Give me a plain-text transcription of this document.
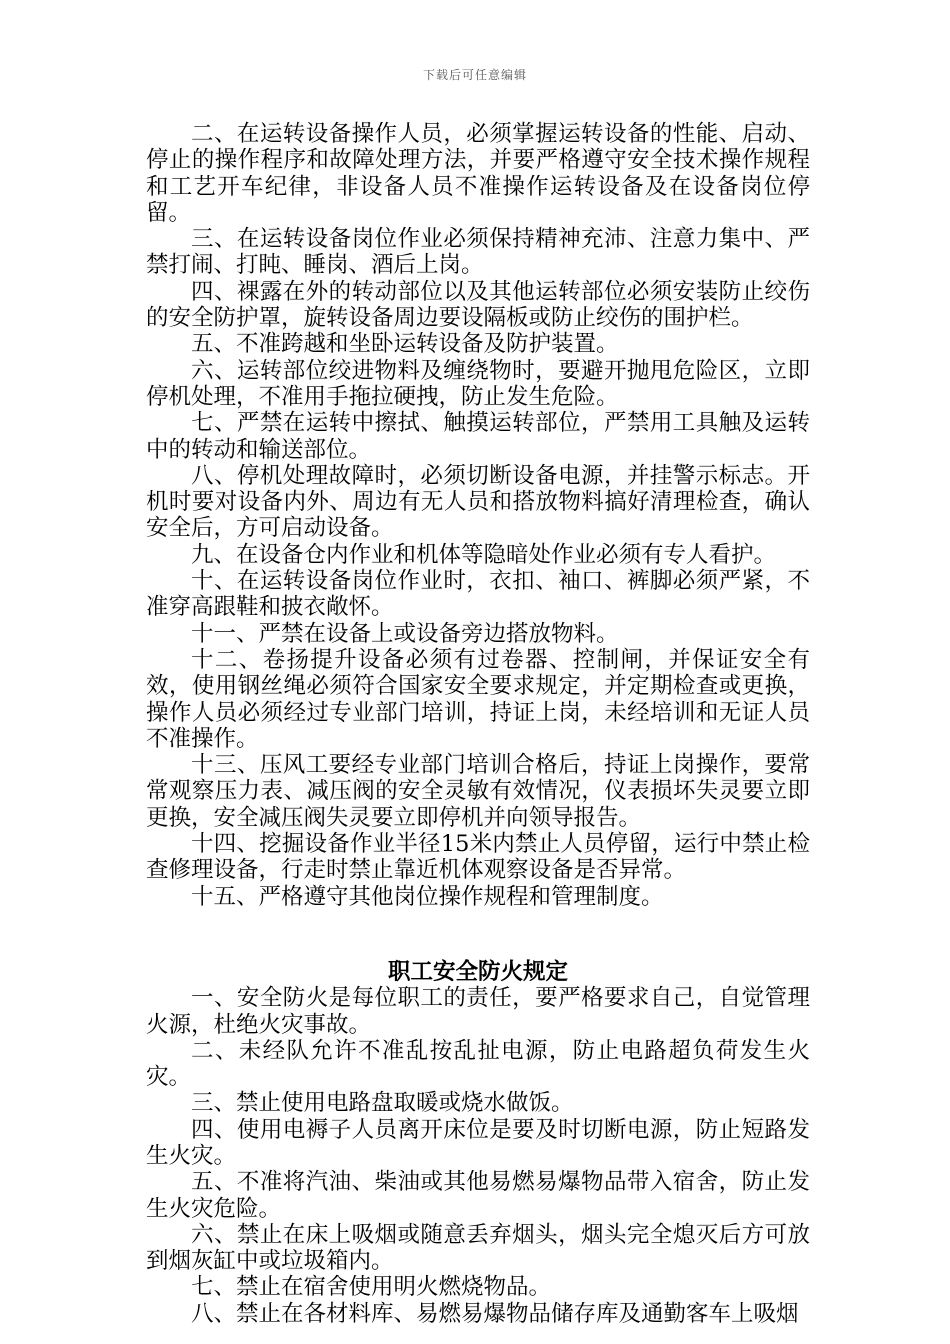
下载后可任意编辑

二、在运转设备操作人员，必须掌握运转设备的性能、启动、停止的操作程序和故障处理方法，并要严格遵守安全技术操作规程和工艺开车纪律，非设备人员不准操作运转设备及在设备岗位停留。

三、在运转设备岗位作业必须保持精神充沛、注意力集中、严禁打闹、打盹、睡岗、酒后上岗。

四、裸露在外的转动部位以及其他运转部位必须安装防止绞伤的安全防护罩，旋转设备周边要设隔板或防止绞伤的围护栏。

五、不准跨越和坐卧运转设备及防护装置。

六、运转部位绞进物料及缠绕物时，要避开抛甩危险区，立即停机处理，不准用手拖拉硬拽，防止发生危险。

七、严禁在运转中擦拭、触摸运转部位，严禁用工具触及运转中的转动和输送部位。

八、停机处理故障时，必须切断设备电源，并挂警示标志。开机时要对设备内外、周边有无人员和搭放物料搞好清理检查，确认安全后，方可启动设备。

九、在设备仓内作业和机体等隐暗处作业必须有专人看护。

十、在运转设备岗位作业时，衣扣、袖口、裤脚必须严紧，不准穿高跟鞋和披衣敞怀。

十一、严禁在设备上或设备旁边搭放物料。

十二、卷扬提升设备必须有过卷器、控制闸，并保证安全有效，使用钢丝绳必须符合国家安全要求规定，并定期检查或更换，操作人员必须经过专业部门培训，持证上岗，未经培训和无证人员不准操作。

十三、压风工要经专业部门培训合格后，持证上岗操作，要常常观察压力表、减压阀的安全灵敏有效情况，仪表损坏失灵要立即更换，安全减压阀失灵要立即停机并向领导报告。

十四、挖掘设备作业半径15米内禁止人员停留，运行中禁止检查修理设备，行走时禁止靠近机体观察设备是否异常。

十五、严格遵守其他岗位操作规程和管理制度。

职工安全防火规定

一、安全防火是每位职工的责任，要严格要求自己，自觉管理火源，杜绝火灾事故。

二、未经队允许不准乱按乱扯电源，防止电路超负荷发生火灾。

三、禁止使用电路盘取暖或烧水做饭。

四、使用电褥子人员离开床位是要及时切断电源，防止短路发生火灾。

五、不准将汽油、柴油或其他易燃易爆物品带入宿舍，防止发生火灾危险。

六、禁止在床上吸烟或随意丢弃烟头，烟头完全熄灭后方可放到烟灰缸中或垃圾箱内。

七、禁止在宿舍使用明火燃烧物品。

八、禁止在各材料库、易燃易爆物品储存库及通勤客车上吸烟
